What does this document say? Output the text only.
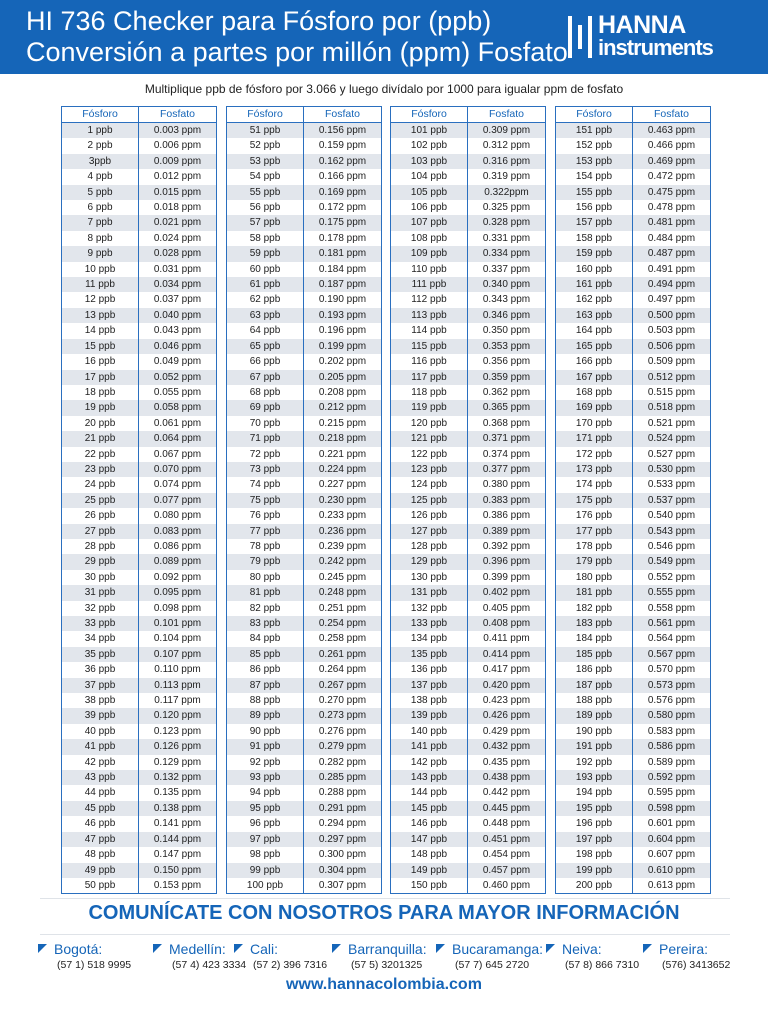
HI 736 Checker para Fósforo por (ppb)
Conversión a partes por millón (ppm) Fosfato
HANNA
instruments
Multiplique ppb de fósforo por 3.066 y luego divídalo por 1000 para igualar ppm de fosfato
Fósforo	Fosfato
1 ppb	0.003 ppm
2 ppb	0.006 ppm
3ppb	0.009 ppm
4 ppb	0.012 ppm
5 ppb	0.015 ppm
6 ppb	0.018 ppm
7 ppb	0.021 ppm
8 ppb	0.024 ppm
9 ppb	0.028 ppm
10 ppb	0.031 ppm
11 ppb	0.034 ppm
12 ppb	0.037 ppm
13 ppb	0.040 ppm
14 ppb	0.043 ppm
15 ppb	0.046 ppm
16 ppb	0.049 ppm
17 ppb	0.052 ppm
18 ppb	0.055 ppm
19 ppb	0.058 ppm
20 ppb	0.061 ppm
21 ppb	0.064 ppm
22 ppb	0.067 ppm
23 ppb	0.070 ppm
24 ppb	0.074 ppm
25 ppb	0.077 ppm
26 ppb	0.080 ppm
27 ppb	0.083 ppm
28 ppb	0.086 ppm
29 ppb	0.089 ppm
30 ppb	0.092 ppm
31 ppb	0.095 ppm
32 ppb	0.098 ppm
33 ppb	0.101 ppm
34 ppb	0.104 ppm
35 ppb	0.107 ppm
36 ppb	0.110 ppm
37 ppb	0.113 ppm
38 ppb	0.117 ppm
39 ppb	0.120 ppm
40 ppb	0.123 ppm
41 ppb	0.126 ppm
42 ppb	0.129 ppm
43 ppb	0.132 ppm
44 ppb	0.135 ppm
45 ppb	0.138 ppm
46 ppb	0.141 ppm
47 ppb	0.144 ppm
48 ppb	0.147 ppm
49 ppb	0.150 ppm
50 ppb	0.153 ppm
Fósforo	Fosfato
51 ppb	0.156 ppm
52 ppb	0.159 ppm
53 ppb	0.162 ppm
54 ppb	0.166 ppm
55 ppb	0.169 ppm
56 ppb	0.172 ppm
57 ppb	0.175 ppm
58 ppb	0.178 ppm
59 ppb	0.181 ppm
60 ppb	0.184 ppm
61 ppb	0.187 ppm
62 ppb	0.190 ppm
63 ppb	0.193 ppm
64 ppb	0.196 ppm
65 ppb	0.199 ppm
66 ppb	0.202 ppm
67 ppb	0.205 ppm
68 ppb	0.208 ppm
69 ppb	0.212 ppm
70 ppb	0.215 ppm
71 ppb	0.218 ppm
72 ppb	0.221 ppm
73 ppb	0.224 ppm
74 ppb	0.227 ppm
75 ppb	0.230 ppm
76 ppb	0.233 ppm
77 ppb	0.236 ppm
78 ppb	0.239 ppm
79 ppb	0.242 ppm
80 ppb	0.245 ppm
81 ppb	0.248 ppm
82 ppb	0.251 ppm
83 ppb	0.254 ppm
84 ppb	0.258 ppm
85 ppb	0.261 ppm
86 ppb	0.264 ppm
87 ppb	0.267 ppm
88 ppb	0.270 ppm
89 ppb	0.273 ppm
90 ppb	0.276 ppm
91 ppb	0.279 ppm
92 ppb	0.282 ppm
93 ppb	0.285 ppm
94 ppb	0.288 ppm
95 ppb	0.291 ppm
96 ppb	0.294 ppm
97 ppb	0.297 ppm
98 ppb	0.300 ppm
99 ppb	0.304 ppm
100 ppb	0.307 ppm
Fósforo	Fosfato
101 ppb	0.309 ppm
102 ppb	0.312 ppm
103 ppb	0.316 ppm
104 ppb	0.319 ppm
105 ppb	0.322ppm
106 ppb	0.325 ppm
107 ppb	0.328 ppm
108 ppb	0.331 ppm
109 ppb	0.334 ppm
110 ppb	0.337 ppm
111 ppb	0.340 ppm
112 ppb	0.343 ppm
113 ppb	0.346 ppm
114 ppb	0.350 ppm
115 ppb	0.353 ppm
116 ppb	0.356 ppm
117 ppb	0.359 ppm
118 ppb	0.362 ppm
119 ppb	0.365 ppm
120 ppb	0.368 ppm
121 ppb	0.371 ppm
122 ppb	0.374 ppm
123 ppb	0.377 ppm
124 ppb	0.380 ppm
125 ppb	0.383 ppm
126 ppb	0.386 ppm
127 ppb	0.389 ppm
128 ppb	0.392 ppm
129 ppb	0.396 ppm
130 ppb	0.399 ppm
131 ppb	0.402 ppm
132 ppb	0.405 ppm
133 ppb	0.408 ppm
134 ppb	0.411 ppm
135 ppb	0.414 ppm
136 ppb	0.417 ppm
137 ppb	0.420 ppm
138 ppb	0.423 ppm
139 ppb	0.426 ppm
140 ppb	0.429 ppm
141 ppb	0.432 ppm
142 ppb	0.435 ppm
143 ppb	0.438 ppm
144 ppb	0.442 ppm
145 ppb	0.445 ppm
146 ppb	0.448 ppm
147 ppb	0.451 ppm
148 ppb	0.454 ppm
149 ppb	0.457 ppm
150 ppb	0.460 ppm
Fósforo	Fosfato
151 ppb	0.463 ppm
152 ppb	0.466 ppm
153 ppb	0.469 ppm
154 ppb	0.472 ppm
155 ppb	0.475 ppm
156 ppb	0.478 ppm
157 ppb	0.481 ppm
158 ppb	0.484 ppm
159 ppb	0.487 ppm
160 ppb	0.491 ppm
161 ppb	0.494 ppm
162 ppb	0.497 ppm
163 ppb	0.500 ppm
164 ppb	0.503 ppm
165 ppb	0.506 ppm
166 ppb	0.509 ppm
167 ppb	0.512 ppm
168 ppb	0.515 ppm
169 ppb	0.518 ppm
170 ppb	0.521 ppm
171 ppb	0.524 ppm
172 ppb	0.527 ppm
173 ppb	0.530 ppm
174 ppb	0.533 ppm
175 ppb	0.537 ppm
176 ppb	0.540 ppm
177 ppb	0.543 ppm
178 ppb	0.546 ppm
179 ppb	0.549 ppm
180 ppb	0.552 ppm
181 ppb	0.555 ppm
182 ppb	0.558 ppm
183 ppb	0.561 ppm
184 ppb	0.564 ppm
185 ppb	0.567 ppm
186 ppb	0.570 ppm
187 ppb	0.573 ppm
188 ppb	0.576 ppm
189 ppb	0.580 ppm
190 ppb	0.583 ppm
191 ppb	0.586 ppm
192 ppb	0.589 ppm
193 ppb	0.592 ppm
194 ppb	0.595 ppm
195 ppb	0.598 ppm
196 ppb	0.601 ppm
197 ppb	0.604 ppm
198 ppb	0.607 ppm
199 ppb	0.610 ppm
200 ppb	0.613 ppm
COMUNÍCATE CON NOSOTROS PARA MAYOR INFORMACIÓN
Bogotá:
(57 1) 518 9995
Medellín:
(57 4) 423 3334
Cali:
(57 2) 396 7316
Barranquilla:
(57 5) 3201325
Bucaramanga:
(57 7) 645 2720
Neiva:
(57 8) 866 7310
Pereira:
(576) 3413652
www.hannacolombia.com
